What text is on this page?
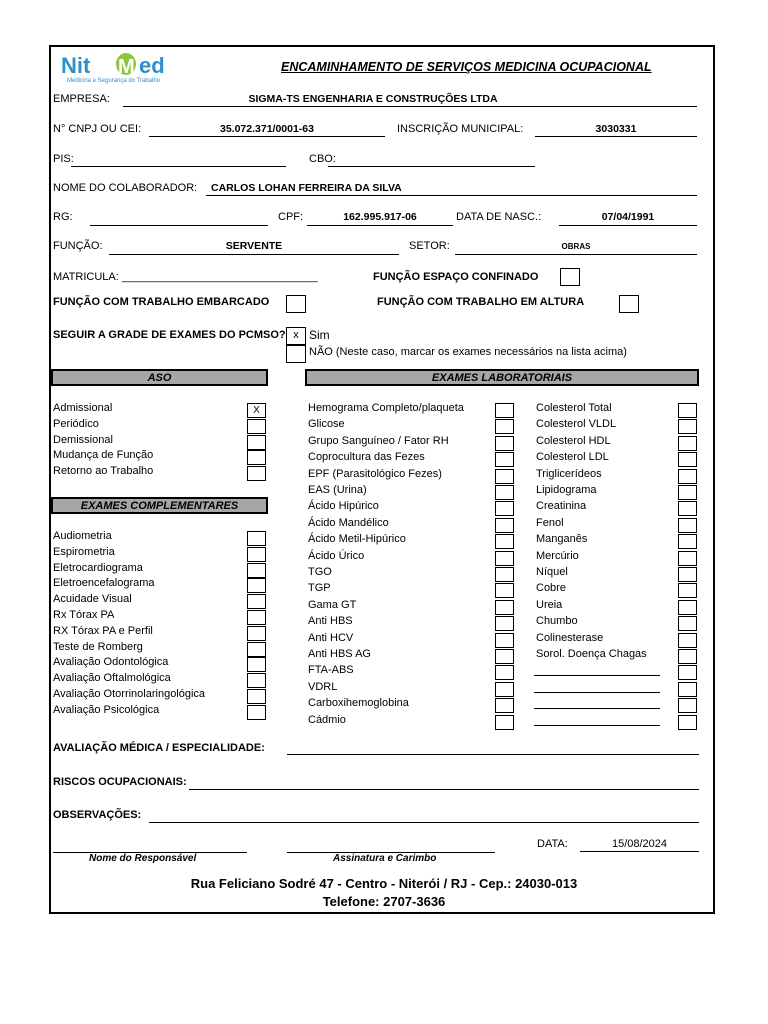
Nit M ed
Medicina e Segurança do Trabalho
ENCAMINHAMENTO DE SERVIÇOS MEDICINA OCUPACIONAL
EMPRESA:	SIGMA-TS ENGENHARIA E CONSTRUÇÕES LTDA
N° CNPJ OU CEI:	35.072.371/0001-63	INSCRIÇÃO MUNICIPAL:	3030331
PIS:	CBO:
NOME DO COLABORADOR: CARLOS LOHAN FERREIRA DA SILVA
RG:	CPF:	162.995.917-06	DATA DE NASC.:	07/04/1991
FUNÇÃO:	SERVENTE	SETOR:	OBRAS
MATRICULA: ________________________________	FUNÇÃO ESPAÇO CONFINADO
FUNÇÃO COM TRABALHO EMBARCADO	FUNÇÃO COM TRABALHO EM ALTURA
SEGUIR A GRADE DE EXAMES DO PCMSO? x Sim
NÃO (Neste caso, marcar os exames necessários na lista acima)
ASO	EXAMES LABORATORIAIS
EXAMES COMPLEMENTARES
Admissional	X
Periódico
Demissional
Mudança de Função
Retorno ao Trabalho
Audiometria
Espirometria
Eletrocardiograma
Eletroencefalograma
Acuidade Visual
Rx Tórax PA
RX Tórax PA e Perfil
Teste de Romberg
Avaliação Odontológica
Avaliação Oftalmológica
Avaliação Otorrinolaringológica
Avaliação Psicológica
Hemograma Completo/plaqueta
Glicose
Grupo Sanguíneo / Fator RH
Coprocultura das Fezes
EPF (Parasitológico Fezes)
EAS (Urina)
Ácido Hipúrico
Ácido Mandélico
Ácido Metil-Hipúrico
Ácido Úrico
TGO
TGP
Gama GT
Anti HBS
Anti HCV
Anti HBS AG
FTA-ABS
VDRL
Carboxihemoglobina
Cádmio
Colesterol Total
Colesterol VLDL
Colesterol HDL
Colesterol LDL
Triglicerídeos
Lipidograma
Creatinina
Fenol
Manganês
Mercúrio
Níquel
Cobre
Ureia
Chumbo
Colinesterase
Sorol. Doença Chagas
AVALIAÇÃO MÉDICA / ESPECIALIDADE:
RISCOS OCUPACIONAIS:
OBSERVAÇÕES:
DATA:	15/08/2024
Nome do Responsável	Assinatura e Carimbo
Rua Feliciano Sodré 47 - Centro - Niterói / RJ - Cep.: 24030-013
Telefone: 2707-3636
